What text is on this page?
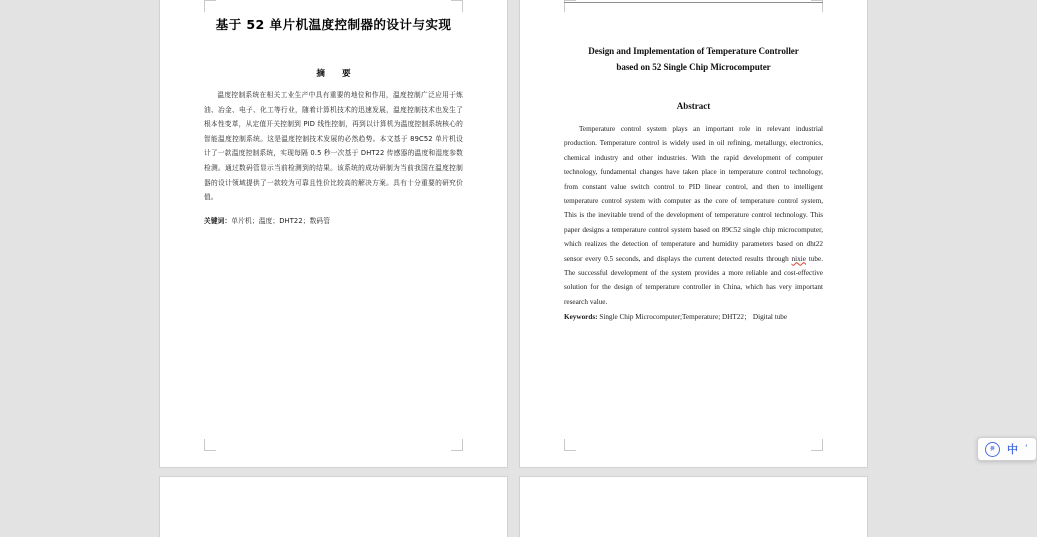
基于 52 单片机温度控制器的设计与实现
摘 要
温度控制系统在相关工业生产中具有重要的地位和作用，温度控制广泛应用于炼油、冶金、电子、化工等行业，随着计算机技术的迅速发展，温度控制技术也发生了根本性变革，从定值开关控制到 PID 线性控制，再到以计算机为温度控制系统核心的智能温度控制系统。这是温度控制技术发展的必然趋势。本文基于 89C52 单片机设计了一款温度控制系统，实现每隔 0.5 秒一次基于 DHT22 传感器的温度和湿度参数检测。通过数码管显示当前检测到的结果。该系统的成功研制为当前我国在温度控制器的设计领域提供了一款较为可靠且性价比较高的解决方案。具有十分重要的研究价值。
关键词：单片机；温度；DHT22；数码管
Design and Implementation of Temperature Controller
based on 52 Single Chip Microcomputer
Abstract
Temperature control system plays an important role in relevant industrial production. Temperature control is widely used in oil refining, metallurgy, electronics, chemical industry and other industries. With the rapid development of computer technology, fundamental changes have taken place in temperature control technology, from constant value switch control to PID linear control, and then to intelligent temperature control system with computer as the core of temperature control system, This is the inevitable trend of the development of temperature control technology. This paper designs a temperature control system based on 89C52 single chip microcomputer, which realizes the detection of temperature and humidity parameters based on dht22 sensor every 0.5 seconds, and displays the current detected results through nixie tube. The successful development of the system provides a more reliable and cost-effective solution for the design of temperature controller in China, which has very important research value.
Keywords: Single Chip Microcomputer;Temperature; DHT22； Digital tube
拼	中 ʻ
